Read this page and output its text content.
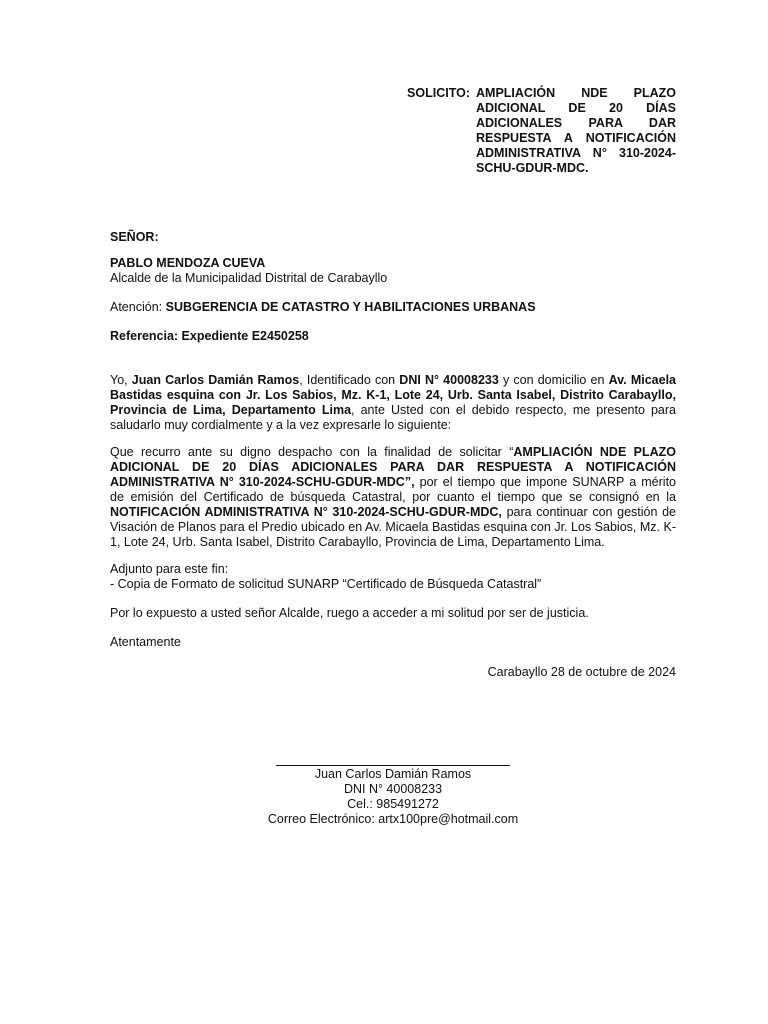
SOLICITO: AMPLIACIÓN NDE PLAZO ADICIONAL DE 20 DÍAS ADICIONALES PARA DAR RESPUESTA A NOTIFICACIÓN ADMINISTRATIVA N° 310-2024-SCHU-GDUR-MDC.
SEÑOR:
PABLO MENDOZA CUEVA
Alcalde de la Municipalidad Distrital de Carabayllo
Atención: SUBGERENCIA DE CATASTRO Y HABILITACIONES URBANAS
Referencia: Expediente E2450258
Yo, Juan Carlos Damián Ramos, Identificado con DNI N° 40008233 y con domicilio en Av. Micaela Bastidas esquina con Jr. Los Sabios, Mz. K-1, Lote 24, Urb. Santa Isabel, Distrito Carabayllo, Provincia de Lima, Departamento Lima, ante Usted con el debido respecto, me presento para saludarlo muy cordialmente y a la vez expresarle lo siguiente:
Que recurro ante su digno despacho con la finalidad de solicitar “AMPLIACIÓN NDE PLAZO ADICIONAL DE 20 DÍAS ADICIONALES PARA DAR RESPUESTA A NOTIFICACIÓN ADMINISTRATIVA N° 310-2024-SCHU-GDUR-MDC”, por el tiempo que impone SUNARP a mérito de emisión del Certificado de búsqueda Catastral, por cuanto el tiempo que se consignó en la NOTIFICACIÓN ADMINISTRATIVA N° 310-2024-SCHU-GDUR-MDC, para continuar con gestión de Visación de Planos para el Predio ubicado en Av. Micaela Bastidas esquina con Jr. Los Sabios, Mz. K-1, Lote 24, Urb. Santa Isabel, Distrito Carabayllo, Provincia de Lima, Departamento Lima.
Adjunto para este fin:
- Copia de Formato de solicitud SUNARP “Certificado de Búsqueda Catastral”
Por lo expuesto a usted señor Alcalde, ruego a acceder a mi solitud por ser de justicia.
Atentamente
Carabayllo 28 de octubre de 2024
Juan Carlos Damián Ramos
DNI N° 40008233
Cel.: 985491272
Correo Electrónico: artx100pre@hotmail.com
